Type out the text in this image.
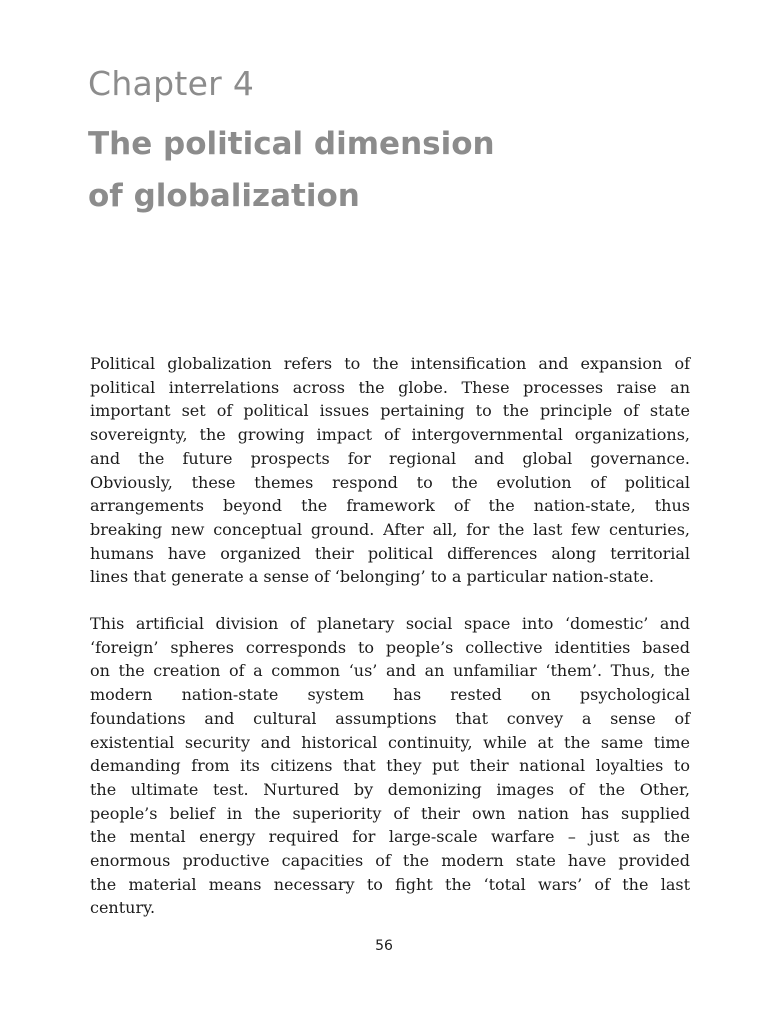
Chapter 4
The political dimension
of globalization

Political globalization refers to the intensification and expansion of
political interrelations across the globe. These processes raise an
important set of political issues pertaining to the principle of state
sovereignty, the growing impact of intergovernmental organizations,
and the future prospects for regional and global governance.
Obviously, these themes respond to the evolution of political
arrangements beyond the framework of the nation-state, thus
breaking new conceptual ground. After all, for the last few centuries,
humans have organized their political differences along territorial
lines that generate a sense of ‘belonging’ to a particular nation-state.

This artificial division of planetary social space into ‘domestic’ and
‘foreign’ spheres corresponds to people’s collective identities based
on the creation of a common ‘us’ and an unfamiliar ‘them’. Thus, the
modern nation-state system has rested on psychological
foundations and cultural assumptions that convey a sense of
existential security and historical continuity, while at the same time
demanding from its citizens that they put their national loyalties to
the ultimate test. Nurtured by demonizing images of the Other,
people’s belief in the superiority of their own nation has supplied
the mental energy required for large-scale warfare – just as the
enormous productive capacities of the modern state have provided
the material means necessary to fight the ‘total wars’ of the last
century.

56
